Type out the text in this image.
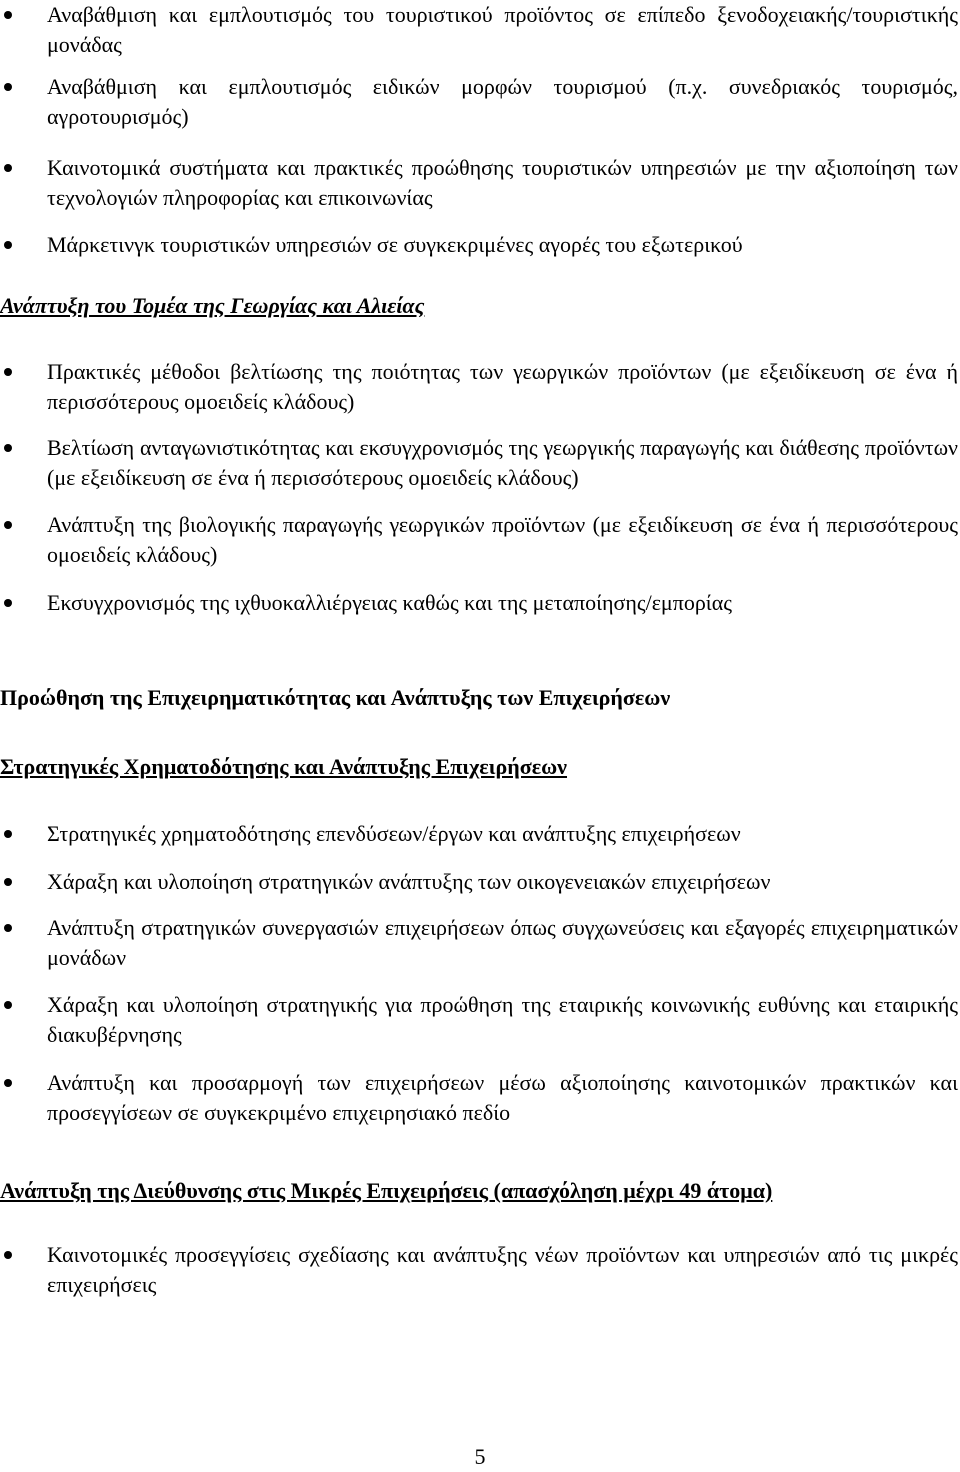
Αναβάθμιση και εμπλουτισμός του τουριστικού προϊόντος σε επίπεδο ξενοδοχειακής/τουριστικής μονάδας
Αναβάθμιση και εμπλουτισμός ειδικών μορφών τουρισμού (π.χ. συνεδριακός τουρισμός, αγροτουρισμός)
Καινοτομικά συστήματα και πρακτικές προώθησης τουριστικών υπηρεσιών με την αξιοποίηση των τεχνολογιών πληροφορίας και επικοινωνίας
Μάρκετινγκ τουριστικών υπηρεσιών σε συγκεκριμένες αγορές του εξωτερικού
Ανάπτυξη του Τομέα της Γεωργίας και Αλιείας
Πρακτικές μέθοδοι βελτίωσης της ποιότητας των γεωργικών προϊόντων (με εξειδίκευση σε ένα ή περισσότερους ομοειδείς κλάδους)
Βελτίωση ανταγωνιστικότητας και εκσυγχρονισμός της γεωργικής παραγωγής και διάθεσης προϊόντων (με εξειδίκευση σε ένα ή περισσότερους ομοειδείς κλάδους)
Ανάπτυξη της βιολογικής παραγωγής γεωργικών προϊόντων (με εξειδίκευση σε ένα ή περισσότερους ομοειδείς κλάδους)
Εκσυγχρονισμός της ιχθυοκαλλιέργειας καθώς και της μεταποίησης/εμπορίας
Προώθηση της Επιχειρηματικότητας και Ανάπτυξης των Επιχειρήσεων
Στρατηγικές Χρηματοδότησης και Ανάπτυξης Επιχειρήσεων
Στρατηγικές χρηματοδότησης επενδύσεων/έργων και ανάπτυξης επιχειρήσεων
Χάραξη και υλοποίηση στρατηγικών ανάπτυξης των οικογενειακών επιχειρήσεων
Ανάπτυξη στρατηγικών συνεργασιών επιχειρήσεων όπως συγχωνεύσεις και εξαγορές επιχειρηματικών μονάδων
Χάραξη και υλοποίηση στρατηγικής για προώθηση της εταιρικής κοινωνικής ευθύνης και εταιρικής διακυβέρνησης
Ανάπτυξη και προσαρμογή των επιχειρήσεων μέσω αξιοποίησης καινοτομικών πρακτικών και προσεγγίσεων σε συγκεκριμένο επιχειρησιακό πεδίο
Ανάπτυξη της Διεύθυνσης στις Μικρές Επιχειρήσεις (απασχόληση μέχρι 49 άτομα)
Καινοτομικές προσεγγίσεις σχεδίασης και ανάπτυξης νέων προϊόντων και υπηρεσιών από τις μικρές επιχειρήσεις
5
